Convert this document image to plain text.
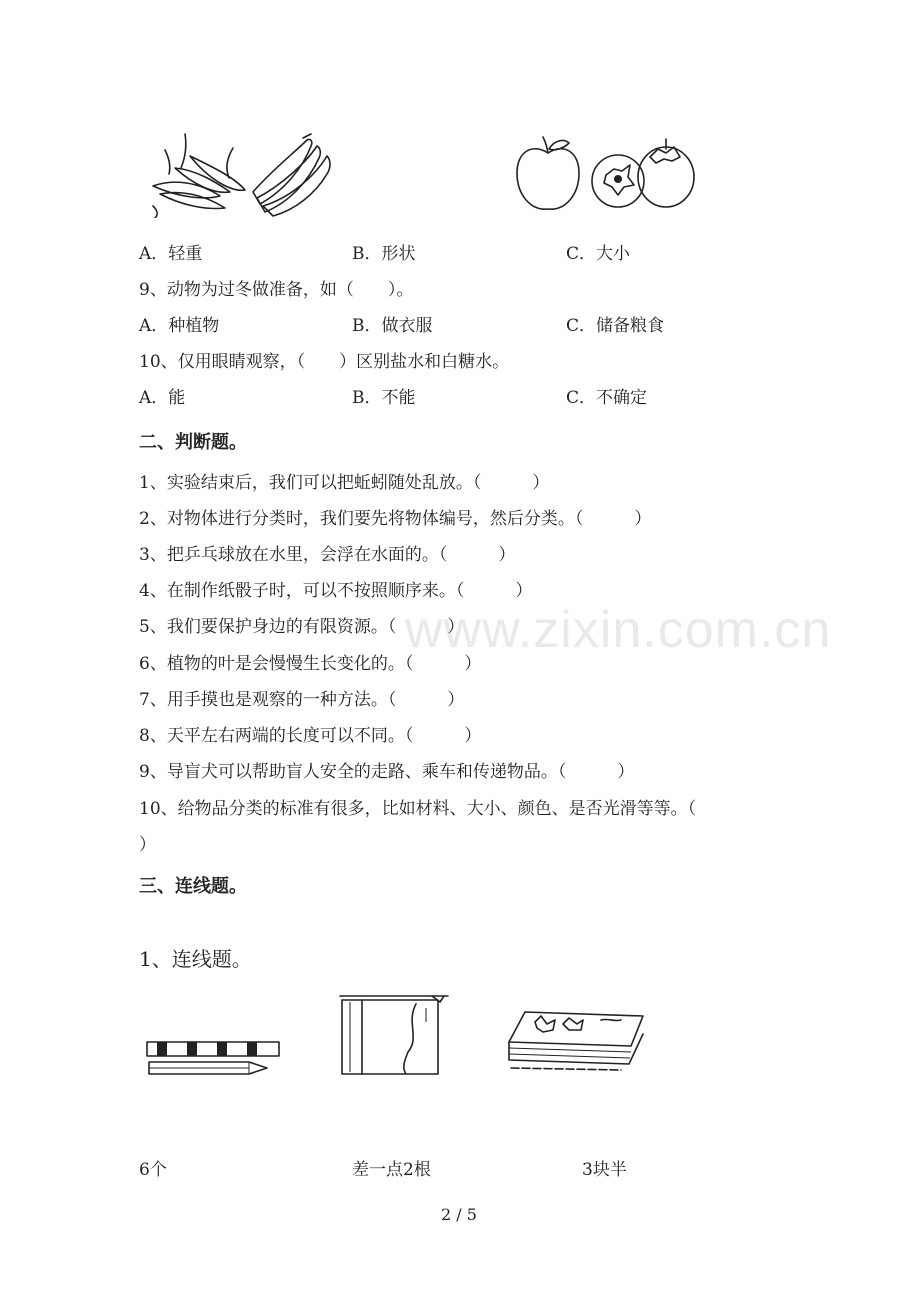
www.zixin.com.cn
A．轻重	B．形状	C．大小
9、动物为过冬做准备，如（　　）。
A．种植物	B．做衣服	C．储备粮食
10、仅用眼睛观察，（　　）区别盐水和白糖水。
A．能	B．不能	C．不确定
二、判断题。
1、实验结束后，我们可以把蚯蚓随处乱放。（　　　）
2、对物体进行分类时，我们要先将物体编号，然后分类。（　　　）
3、把乒乓球放在水里，会浮在水面的。（　　　）
4、在制作纸骰子时，可以不按照顺序来。（　　　）
5、我们要保护身边的有限资源。（　　　）
6、植物的叶是会慢慢生长变化的。（　　　）
7、用手摸也是观察的一种方法。（　　　）
8、天平左右两端的长度可以不同。（　　　）
9、导盲犬可以帮助盲人安全的走路、乘车和传递物品。（　　　）
10、给物品分类的标准有很多，比如材料、大小、颜色、是否光滑等等。（
）
三、连线题。
1、连线题。
6个	差一点2根	3块半
2 / 5
